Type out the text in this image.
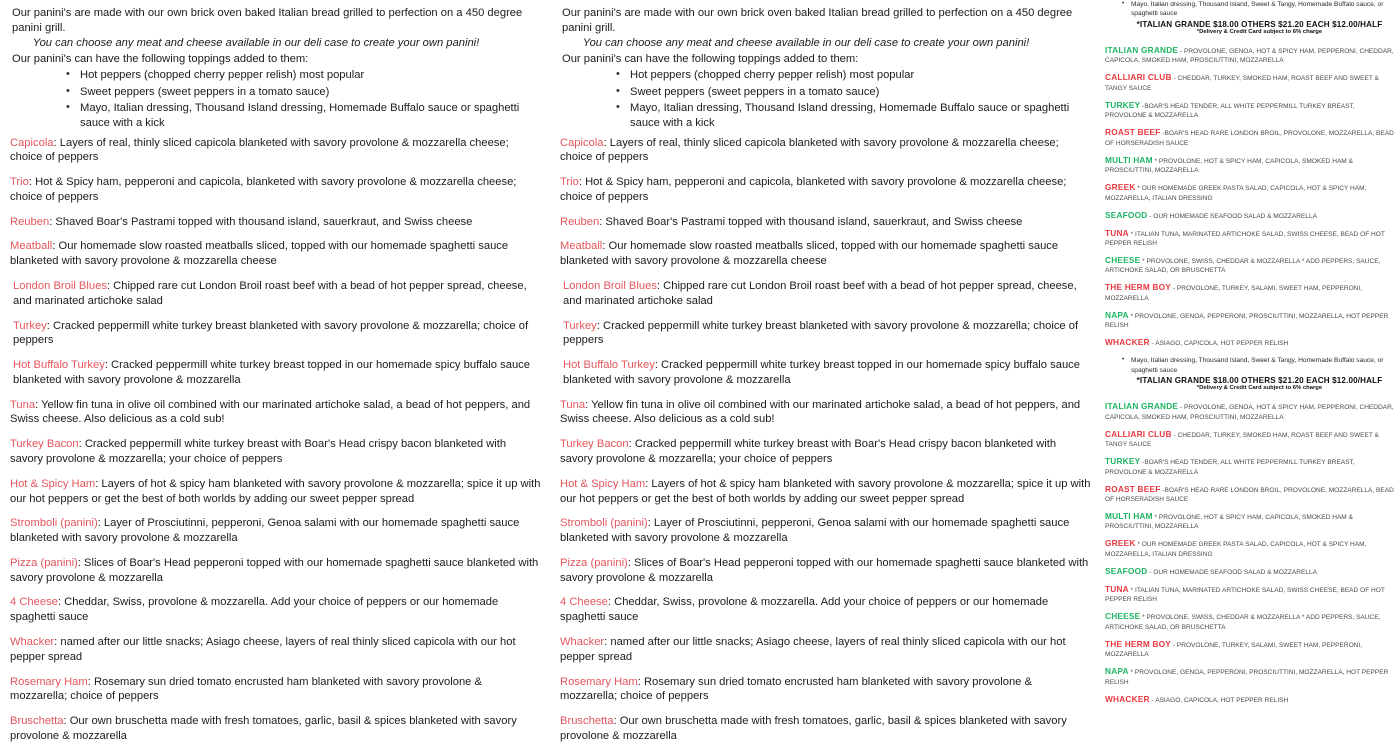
Our panini's are made with our own brick oven baked Italian bread grilled to perfection on a 450 degree panini grill.
You can choose any meat and cheese available in our deli case to create your own panini!
Our panini's can have the following toppings added to them:
• Hot peppers (chopped cherry pepper relish) most popular
• Sweet peppers (sweet peppers in a tomato sauce)
• Mayo, Italian dressing, Thousand Island dressing, Homemade Buffalo sauce or spaghetti sauce with a kick
Capicola: Layers of real, thinly sliced capicola blanketed with savory provolone & mozzarella cheese; choice of peppers
Trio: Hot & Spicy ham, pepperoni and capicola, blanketed with savory provolone & mozzarella cheese; choice of peppers
Reuben: Shaved Boar's Pastrami topped with thousand island, sauerkraut, and Swiss cheese
Meatball: Our homemade slow roasted meatballs sliced, topped with our homemade spaghetti sauce blanketed with savory provolone & mozzarella cheese
London Broil Blues: Chipped rare cut London Broil roast beef with a bead of hot pepper spread, cheese, and marinated artichoke salad
Turkey: Cracked peppermill white turkey breast blanketed with savory provolone & mozzarella; choice of peppers
Hot Buffalo Turkey: Cracked peppermill white turkey breast topped in our homemade spicy buffalo sauce blanketed with savory provolone & mozzarella
Tuna: Yellow fin tuna in olive oil combined with our marinated artichoke salad, a bead of hot peppers, and Swiss cheese. Also delicious as a cold sub!
Turkey Bacon: Cracked peppermill white turkey breast with Boar's Head crispy bacon blanketed with savory provolone & mozzarella; your choice of peppers
Hot & Spicy Ham: Layers of hot & spicy ham blanketed with savory provolone & mozzarella; spice it up with our hot peppers or get the best of both worlds by adding our sweet pepper spread
Stromboli (panini): Layer of Prosciutinni, pepperoni, Genoa salami with our homemade spaghetti sauce blanketed with savory provolone & mozzarella
Pizza (panini): Slices of Boar's Head pepperoni topped with our homemade spaghetti sauce blanketed with savory provolone & mozzarella
4 Cheese: Cheddar, Swiss, provolone & mozzarella. Add your choice of peppers or our homemade spaghetti sauce
Whacker: named after our little snacks; Asiago cheese, layers of real thinly sliced capicola with our hot pepper spread
Rosemary Ham: Rosemary sun dried tomato encrusted ham blanketed with savory provolone & mozzarella; choice of peppers
Bruschetta: Our own bruschetta made with fresh tomatoes, garlic, basil & spices blanketed with savory provolone & mozzarella
Our panini's are made with our own brick oven baked Italian bread grilled to perfection on a 450 degree panini grill.
You can choose any meat and cheese available in our deli case to create your own panini!
Our panini's can have the following toppings added to them:
• Hot peppers (chopped cherry pepper relish) most popular
• Sweet peppers (sweet peppers in a tomato sauce)
• Mayo, Italian dressing, Thousand Island dressing, Homemade Buffalo sauce or spaghetti sauce with a kick
Capicola: Layers of real, thinly sliced capicola blanketed with savory provolone & mozzarella cheese; choice of peppers
Trio: Hot & Spicy ham, pepperoni and capicola, blanketed with savory provolone & mozzarella cheese; choice of peppers
Reuben: Shaved Boar's Pastrami topped with thousand island, sauerkraut, and Swiss cheese
Meatball: Our homemade slow roasted meatballs sliced, topped with our homemade spaghetti sauce blanketed with savory provolone & mozzarella cheese
London Broil Blues: Chipped rare cut London Broil roast beef with a bead of hot pepper spread, cheese, and marinated artichoke salad
Turkey: Cracked peppermill white turkey breast blanketed with savory provolone & mozzarella; choice of peppers
Hot Buffalo Turkey: Cracked peppermill white turkey breast topped in our homemade spicy buffalo sauce blanketed with savory provolone & mozzarella
Tuna: Yellow fin tuna in olive oil combined with our marinated artichoke salad, a bead of hot peppers, and Swiss cheese. Also delicious as a cold sub!
Turkey Bacon: Cracked peppermill white turkey breast with Boar's Head crispy bacon blanketed with savory provolone & mozzarella; your choice of peppers
Hot & Spicy Ham: Layers of hot & spicy ham blanketed with savory provolone & mozzarella; spice it up with our hot peppers or get the best of both worlds by adding our sweet pepper spread
Stromboli (panini): Layer of Prosciutinni, pepperoni, Genoa salami with our homemade spaghetti sauce blanketed with savory provolone & mozzarella
Pizza (panini): Slices of Boar's Head pepperoni topped with our homemade spaghetti sauce blanketed with savory provolone & mozzarella
4 Cheese: Cheddar, Swiss, provolone & mozzarella. Add your choice of peppers or our homemade spaghetti sauce
Whacker: named after our little snacks; Asiago cheese, layers of real thinly sliced capicola with our hot pepper spread
Rosemary Ham: Rosemary sun dried tomato encrusted ham blanketed with savory provolone & mozzarella; choice of peppers
Bruschetta: Our own bruschetta made with fresh tomatoes, garlic, basil & spices blanketed with savory provolone & mozzarella
• Mayo, Italian dressing, Thousand Island, Sweet & Tangy, Homemade Buffalo sauce, or spaghetti sauce
*ITALIAN GRANDE $18.00 OTHERS $21.20 EACH $12.00/HALF
*Delivery & Credit Card subject to 6% charge
ITALIAN GRANDE - PROVOLONE, GENOA, HOT & SPICY HAM, PEPPERONI, CHEDDAR, CAPICOLA, SMOKED HAM, PROSCIUTTINI, MOZZARELLA
CALLIARI CLUB - CHEDDAR, TURKEY, SMOKED HAM, ROAST BEEF AND SWEET & TANGY SAUCE
TURKEY -BOAR'S HEAD TENDER, ALL WHITE PEPPERMILL TURKEY BREAST, PROVOLONE & MOZZARELLA
ROAST BEEF -BOAR'S HEAD RARE LONDON BROIL, PROVOLONE, MOZZARELLA, BEAD OF HORSERADISH SAUCE
MULTI HAM * PROVOLONE, HOT & SPICY HAM, CAPICOLA, SMOKED HAM & PROSCIUTTINI, MOZZARELLA
GREEK * OUR HOMEMADE GREEK PASTA SALAD, CAPICOLA, HOT & SPICY HAM, MOZZARELLA, ITALIAN DRESSING
SEAFOOD - OUR HOMEMADE SEAFOOD SALAD & MOZZARELLA
TUNA * ITALIAN TUNA, MARINATED ARTICHOKE SALAD, SWISS CHEESE, BEAD OF HOT PEPPER RELISH
CHEESE * PROVOLONE, SWISS, CHEDDAR & MOZZARELLA * ADD PEPPERS, SAUCE, ARTICHOKE SALAD, OR BRUSCHETTA
THE HERM BOY - PROVOLONE, TURKEY, SALAMI, SWEET HAM, PEPPERONI, MOZZARELLA
NAPA * PROVOLONE, GENOA, PEPPERONI, PROSCIUTTINI, MOZZARELLA, HOT PEPPER RELISH
WHACKER - ASIAGO, CAPICOLA, HOT PEPPER RELISH
• Mayo, Italian dressing, Thousand Island, Sweet & Tangy, Homemade Buffalo sauce, or spaghetti sauce
*ITALIAN GRANDE $18.00 OTHERS $21.20 EACH $12.00/HALF
*Delivery & Credit Card subject to 6% charge
ITALIAN GRANDE - PROVOLONE, GENOA, HOT & SPICY HAM, PEPPERONI, CHEDDAR, CAPICOLA, SMOKED HAM, PROSCIUTTINI, MOZZARELLA
CALLIARI CLUB - CHEDDAR, TURKEY, SMOKED HAM, ROAST BEEF AND SWEET & TANGY SAUCE
TURKEY -BOAR'S HEAD TENDER, ALL WHITE PEPPERMILL TURKEY BREAST, PROVOLONE & MOZZARELLA
ROAST BEEF -BOAR'S HEAD RARE LONDON BROIL, PROVOLONE, MOZZARELLA, BEAD OF HORSERADISH SAUCE
MULTI HAM * PROVOLONE, HOT & SPICY HAM, CAPICOLA, SMOKED HAM & PROSCIUTTINI, MOZZARELLA
GREEK * OUR HOMEMADE GREEK PASTA SALAD, CAPICOLA, HOT & SPICY HAM, MOZZARELLA, ITALIAN DRESSING
SEAFOOD - OUR HOMEMADE SEAFOOD SALAD & MOZZARELLA
TUNA * ITALIAN TUNA, MARINATED ARTICHOKE SALAD, SWISS CHEESE, BEAD OF HOT PEPPER RELISH
CHEESE * PROVOLONE, SWISS, CHEDDAR & MOZZARELLA * ADD PEPPERS, SAUCE, ARTICHOKE SALAD, OR BRUSCHETTA
THE HERM BOY - PROVOLONE, TURKEY, SALAMI, SWEET HAM, PEPPERONI, MOZZARELLA
NAPA * PROVOLONE, GENOA, PEPPERONI, PROSCIUTTINI, MOZZARELLA, HOT PEPPER RELISH
WHACKER - ASIAGO, CAPICOLA, HOT PEPPER RELISH
